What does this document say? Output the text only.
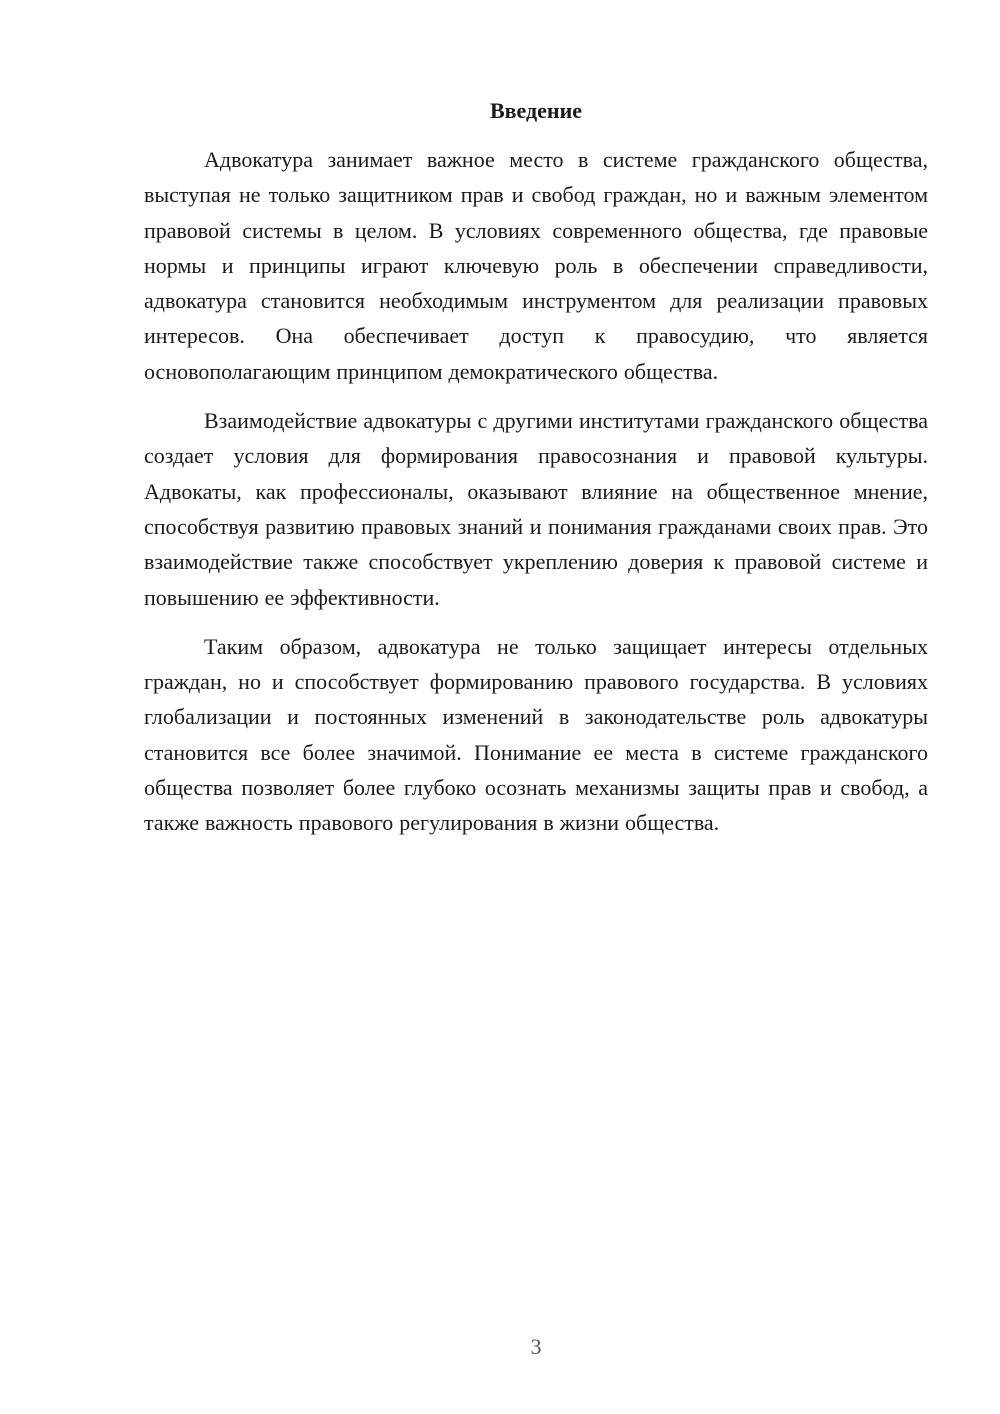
Введение

Адвокатура занимает важное место в системе гражданского общества, выступая не только защитником прав и свобод граждан, но и важным элементом правовой системы в целом. В условиях современного общества, где правовые нормы и принципы играют ключевую роль в обеспечении справедливости, адвокатура становится необходимым инструментом для реализации правовых интересов. Она обеспечивает доступ к правосудию, что является основополагающим принципом демократического общества.

Взаимодействие адвокатуры с другими институтами гражданского общества создает условия для формирования правосознания и правовой культуры. Адвокаты, как профессионалы, оказывают влияние на общественное мнение, способствуя развитию правовых знаний и понимания гражданами своих прав. Это взаимодействие также способствует укреплению доверия к правовой системе и повышению ее эффективности.

Таким образом, адвокатура не только защищает интересы отдельных граждан, но и способствует формированию правового государства. В условиях глобализации и постоянных изменений в законодательстве роль адвокатуры становится все более значимой. Понимание ее места в системе гражданского общества позволяет более глубоко осознать механизмы защиты прав и свобод, а также важность правового регулирования в жизни общества.

3
